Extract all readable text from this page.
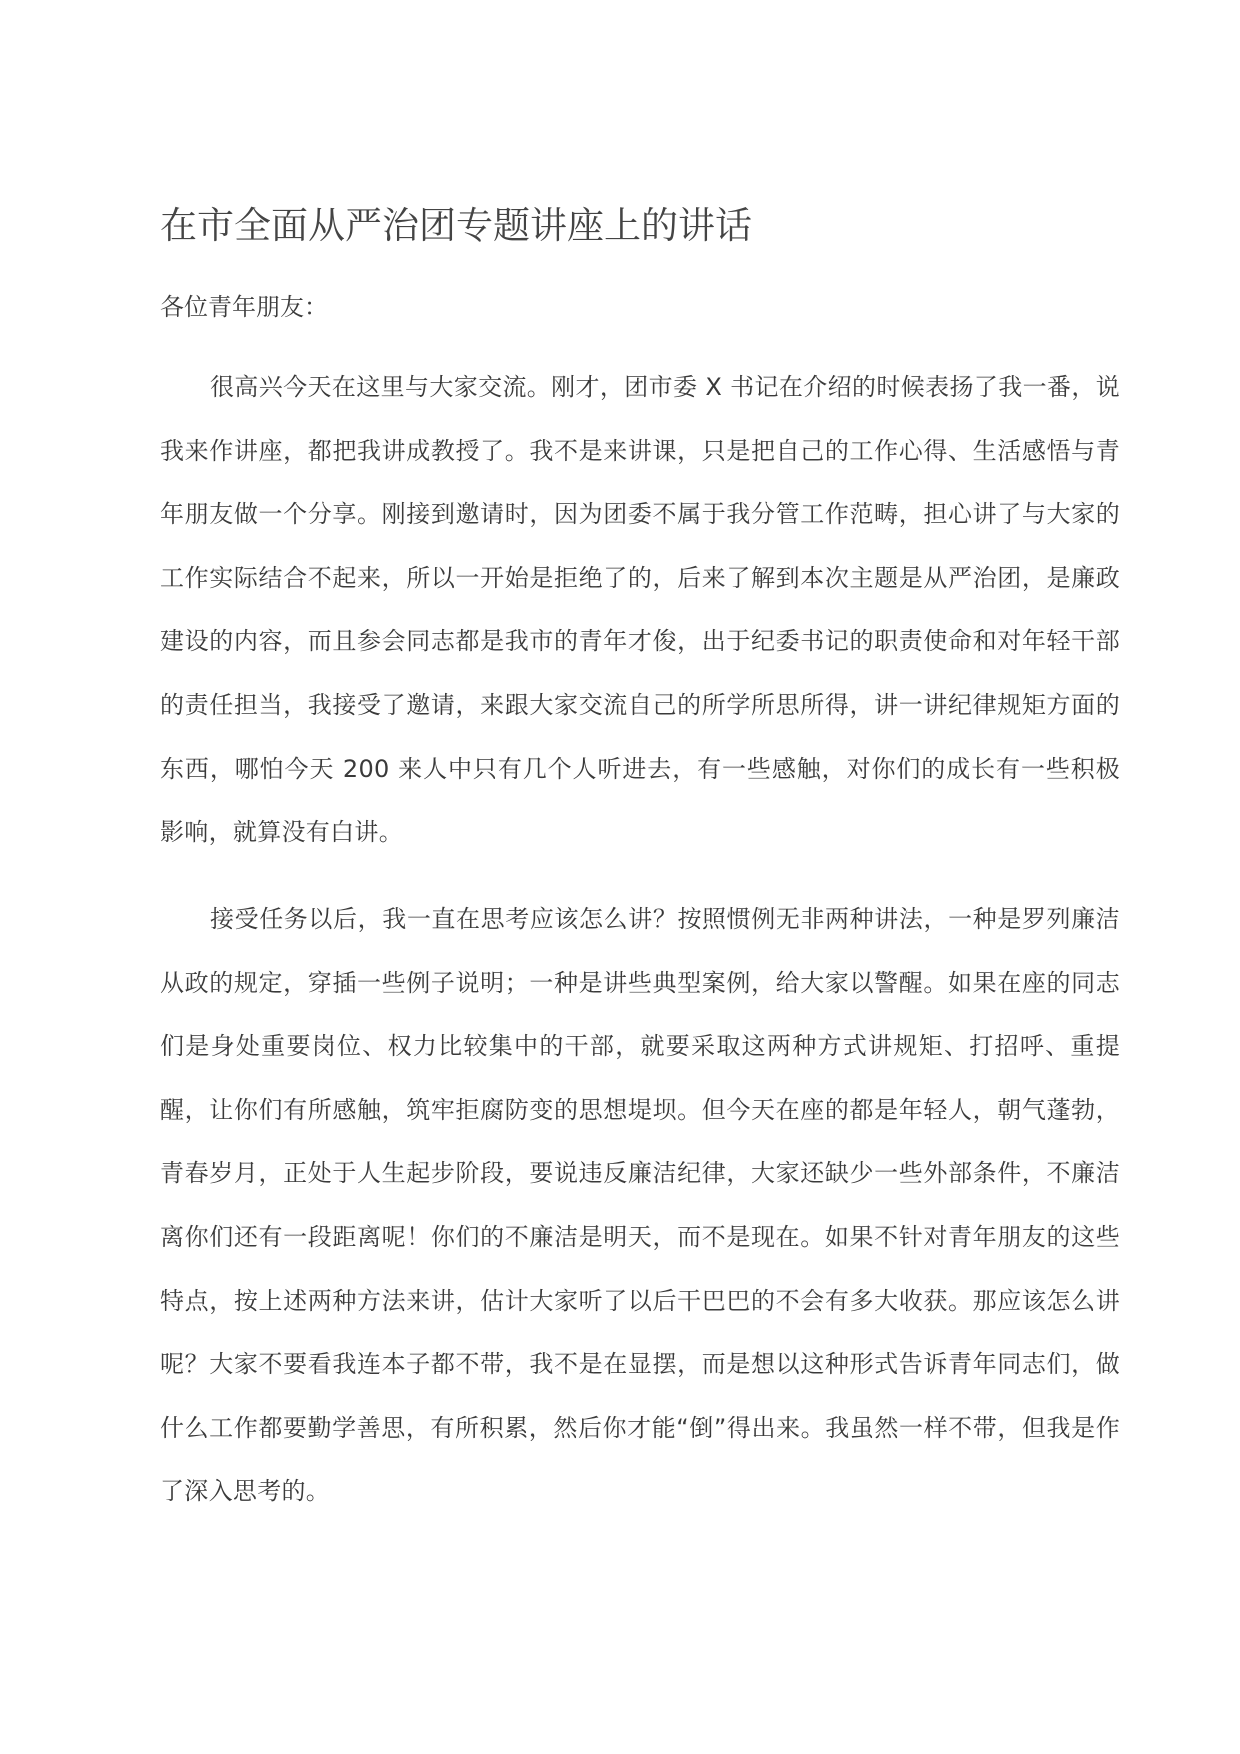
在市全面从严治团专题讲座上的讲话

各位青年朋友：

很高兴今天在这里与大家交流。刚才，团市委 X 书记在介绍的时候表扬了我一番，说我来作讲座，都把我讲成教授了。我不是来讲课，只是把自己的工作心得、生活感悟与青年朋友做一个分享。刚接到邀请时，因为团委不属于我分管工作范畴，担心讲了与大家的工作实际结合不起来，所以一开始是拒绝了的，后来了解到本次主题是从严治团，是廉政建设的内容，而且参会同志都是我市的青年才俊，出于纪委书记的职责使命和对年轻干部的责任担当，我接受了邀请，来跟大家交流自己的所学所思所得，讲一讲纪律规矩方面的东西，哪怕今天 200 来人中只有几个人听进去，有一些感触，对你们的成长有一些积极影响，就算没有白讲。

接受任务以后，我一直在思考应该怎么讲？按照惯例无非两种讲法，一种是罗列廉洁从政的规定，穿插一些例子说明；一种是讲些典型案例，给大家以警醒。如果在座的同志们是身处重要岗位、权力比较集中的干部，就要采取这两种方式讲规矩、打招呼、重提醒，让你们有所感触，筑牢拒腐防变的思想堤坝。但今天在座的都是年轻人，朝气蓬勃，青春岁月，正处于人生起步阶段，要说违反廉洁纪律，大家还缺少一些外部条件，不廉洁离你们还有一段距离呢！你们的不廉洁是明天，而不是现在。如果不针对青年朋友的这些特点，按上述两种方法来讲，估计大家听了以后干巴巴的不会有多大收获。那应该怎么讲呢？大家不要看我连本子都不带，我不是在显摆，而是想以这种形式告诉青年同志们，做什么工作都要勤学善思，有所积累，然后你才能“倒”得出来。我虽然一样不带，但我是作了深入思考的。
